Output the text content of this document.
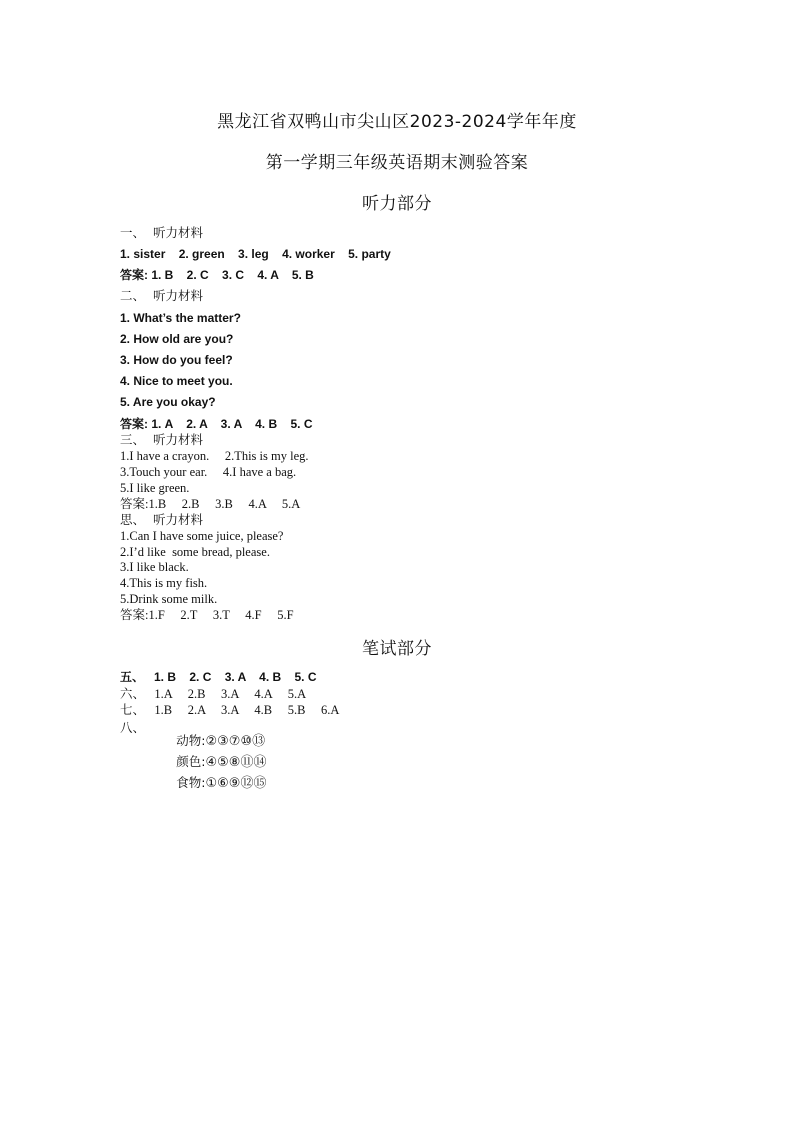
黑龙江省双鸭山市尖山区2023-2024学年年度
第一学期三年级英语期末测验答案
听力部分
一、  听力材料
1. sister    2. green    3. leg    4. worker    5. party
答案: 1. B    2. C    3. C    4. A    5. B
二、  听力材料
1. What’s the matter?
2. How old are you?
3. How do you feel?
4. Nice to meet you.
5. Are you okay?
答案: 1. A    2. A    3. A    4. B    5. C
三、  听力材料
1.I have a crayon.     2.This is my leg.
3.Touch your ear.     4.I have a bag.
5.I like green.
答案:1.B     2.B     3.B     4.A     5.A
思、  听力材料
1.Can I have some juice, please?
2.I’d like  some bread, please.
3.I like black.
4.This is my fish.
5.Drink some milk.
答案:1.F     2.T     3.T     4.F     5.F
笔试部分
五、   1. B    2. C    3. A    4. B    5. C
六、   1.A     2.B     3.A     4.A     5.A
七、   1.B     2.A     3.A     4.B     5.B     6.A
八、

动物:②③⑦⑩⑬

颜色:④⑤⑧⑪⑭

食物:①⑥⑨⑫⑮
